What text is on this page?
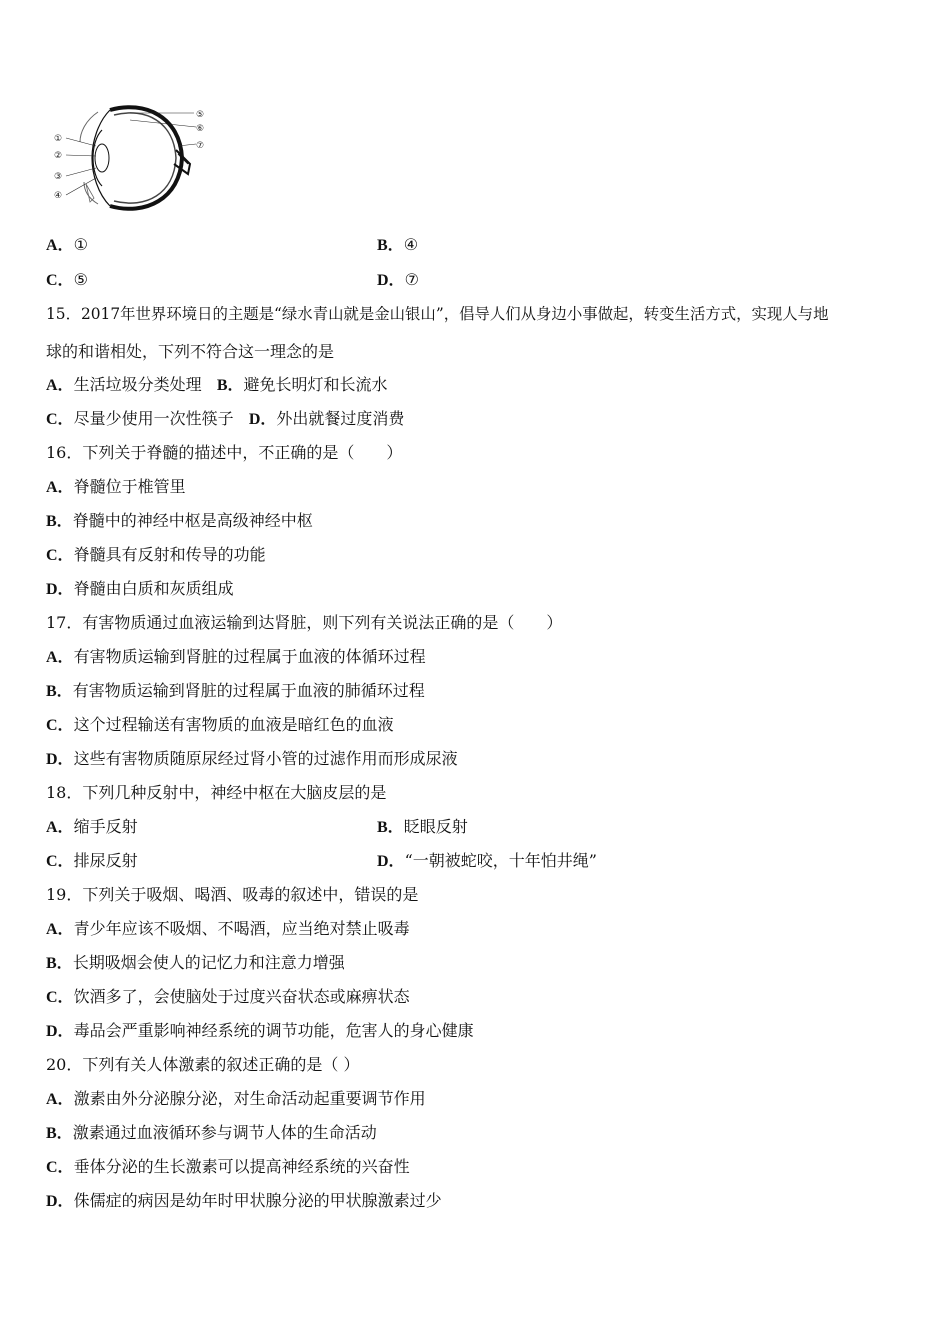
①
②
③
④
⑤
⑥
⑦
A．①	B．④
C．⑤	D．⑦
15．2017年世界环境日的主题是“绿水青山就是金山银山”，倡导人们从身边小事做起，转变生活方式，实现人与地
球的和谐相处，下列不符合这一理念的是
A．生活垃圾分类处理 B．避免长明灯和长流水
C．尽量少使用一次性筷子 D．外出就餐过度消费
16．下列关于脊髓的描述中，不正确的是（　　）
A．脊髓位于椎管里
B．脊髓中的神经中枢是高级神经中枢
C．脊髓具有反射和传导的功能
D．脊髓由白质和灰质组成
17．有害物质通过血液运输到达肾脏，则下列有关说法正确的是（　　）
A．有害物质运输到肾脏的过程属于血液的体循环过程
B．有害物质运输到肾脏的过程属于血液的肺循环过程
C．这个过程输送有害物质的血液是暗红色的血液
D．这些有害物质随原尿经过肾小管的过滤作用而形成尿液
18．下列几种反射中，神经中枢在大脑皮层的是
A．缩手反射	B．眨眼反射
C．排尿反射	D．“一朝被蛇咬，十年怕井绳”
19．下列关于吸烟、喝酒、吸毒的叙述中，错误的是
A．青少年应该不吸烟、不喝酒，应当绝对禁止吸毒
B．长期吸烟会使人的记忆力和注意力增强
C．饮酒多了，会使脑处于过度兴奋状态或麻痹状态
D．毒品会严重影响神经系统的调节功能，危害人的身心健康
20．下列有关人体激素的叙述正确的是（ ）
A．激素由外分泌腺分泌，对生命活动起重要调节作用
B．激素通过血液循环参与调节人体的生命活动
C．垂体分泌的生长激素可以提高神经系统的兴奋性
D．侏儒症的病因是幼年时甲状腺分泌的甲状腺激素过少
